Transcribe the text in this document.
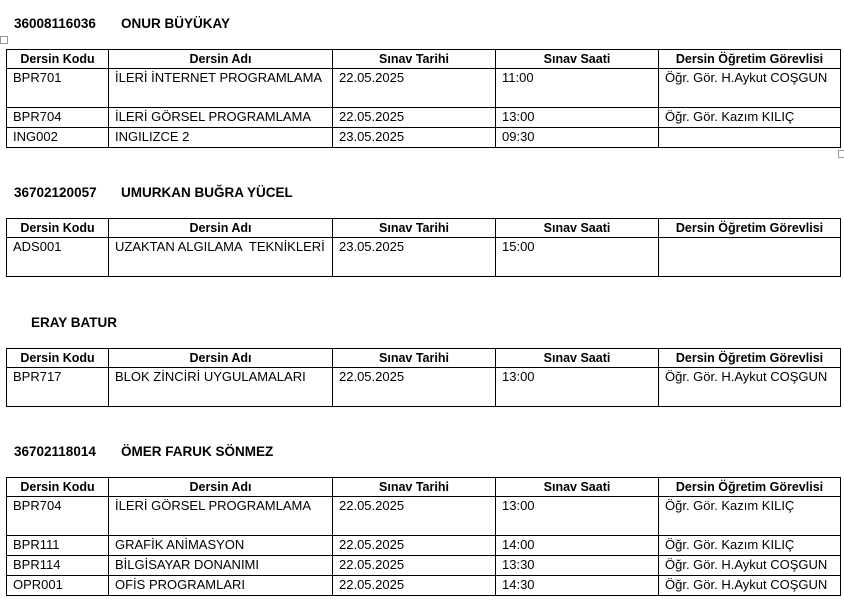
36008116036 ONUR BÜYÜKAY
Dersin Kodu	Dersin Adı	Sınav Tarihi	Sınav Saati	Dersin Öğretim Görevlisi
BPR701	İLERİ İNTERNET PROGRAMLAMA	22.05.2025	11:00	Öğr. Gör. H.Aykut COŞGUN
BPR704	İLERİ GÖRSEL PROGRAMLAMA	22.05.2025	13:00	Öğr. Gör. Kazım KILIÇ
ING002	INGILIZCE 2	23.05.2025	09:30	
36702120057 UMURKAN BUĞRA YÜCEL
Dersin Kodu	Dersin Adı	Sınav Tarihi	Sınav Saati	Dersin Öğretim Görevlisi
ADS001	UZAKTAN ALGILAMA  TEKNİKLERİ	23.05.2025	15:00	
ERAY BATUR
Dersin Kodu	Dersin Adı	Sınav Tarihi	Sınav Saati	Dersin Öğretim Görevlisi
BPR717	BLOK ZİNCİRİ UYGULAMALARI	22.05.2025	13:00	Öğr. Gör. H.Aykut COŞGUN
36702118014 ÖMER FARUK SÖNMEZ
Dersin Kodu	Dersin Adı	Sınav Tarihi	Sınav Saati	Dersin Öğretim Görevlisi
BPR704	İLERİ GÖRSEL PROGRAMLAMA	22.05.2025	13:00	Öğr. Gör. Kazım KILIÇ
BPR111	GRAFİK ANİMASYON	22.05.2025	14:00	Öğr. Gör. Kazım KILIÇ
BPR114	BİLGİSAYAR DONANIMI	22.05.2025	13:30	Öğr. Gör. H.Aykut COŞGUN
OPR001	OFİS PROGRAMLARI	22.05.2025	14:30	Öğr. Gör. H.Aykut COŞGUN
